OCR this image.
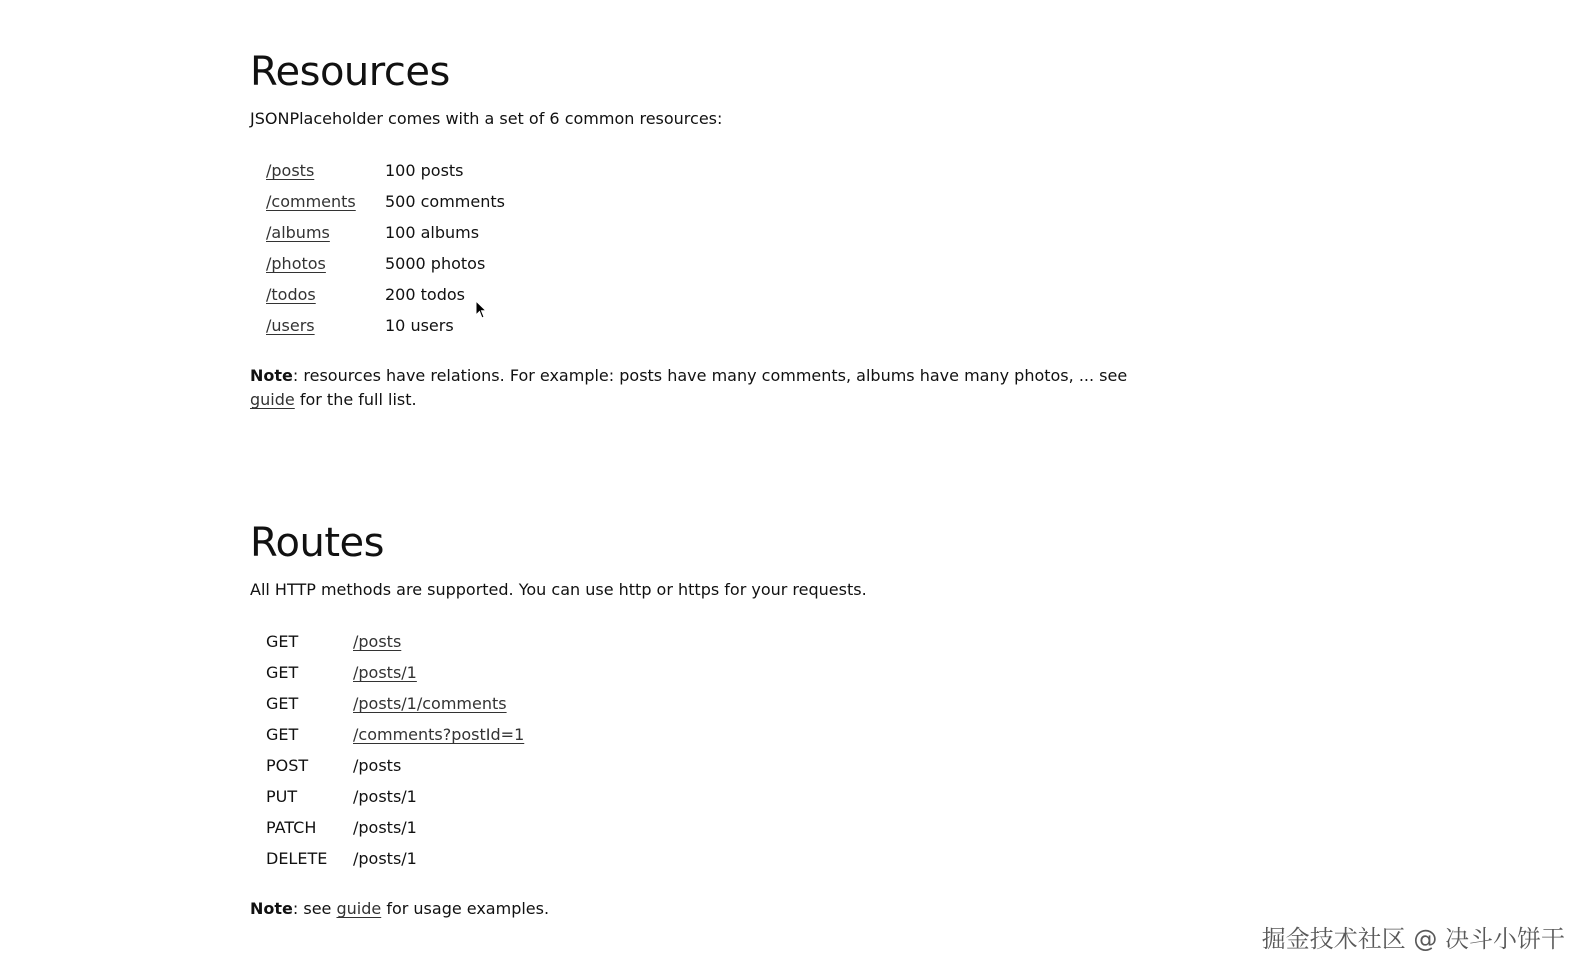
Resources

JSONPlaceholder comes with a set of 6 common resources:

/posts	100 posts
/comments	500 comments
/albums	100 albums
/photos	5000 photos
/todos	200 todos
/users	10 users

Note: resources have relations. For example: posts have many comments, albums have many photos, ... see guide for the full list.

Routes

All HTTP methods are supported. You can use http or https for your requests.

GET	/posts
GET	/posts/1
GET	/posts/1/comments
GET	/comments?postId=1
POST	/posts
PUT	/posts/1
PATCH	/posts/1
DELETE	/posts/1

Note: see guide for usage examples.

掘金技术社区 @ 决斗小饼干
